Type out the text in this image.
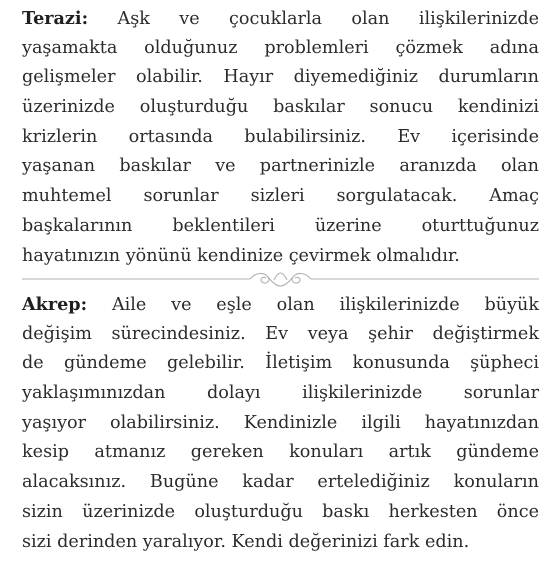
Terazi: Aşk ve çocuklarla olan ilişkilerinizde
yaşamakta olduğunuz problemleri çözmek adına
gelişmeler olabilir. Hayır diyemediğiniz durumların
üzerinizde oluşturduğu baskılar sonucu kendinizi
krizlerin ortasında bulabilirsiniz. Ev içerisinde
yaşanan baskılar ve partnerinizle aranızda olan
muhtemel sorunlar sizleri sorgulatacak. Amaç
başkalarının beklentileri üzerine oturttuğunuz
hayatınızın yönünü kendinize çevirmek olmalıdır.
Akrep: Aile ve eşle olan ilişkilerinizde büyük
değişim sürecindesiniz. Ev veya şehir değiştirmek
de gündeme gelebilir. İletişim konusunda şüpheci
yaklaşımınızdan dolayı ilişkilerinizde sorunlar
yaşıyor olabilirsiniz. Kendinizle ilgili hayatınızdan
kesip atmanız gereken konuları artık gündeme
alacaksınız. Bugüne kadar ertelediğiniz konuların
sizin üzerinizde oluşturduğu baskı herkesten önce
sizi derinden yaralıyor. Kendi değerinizi fark edin.
